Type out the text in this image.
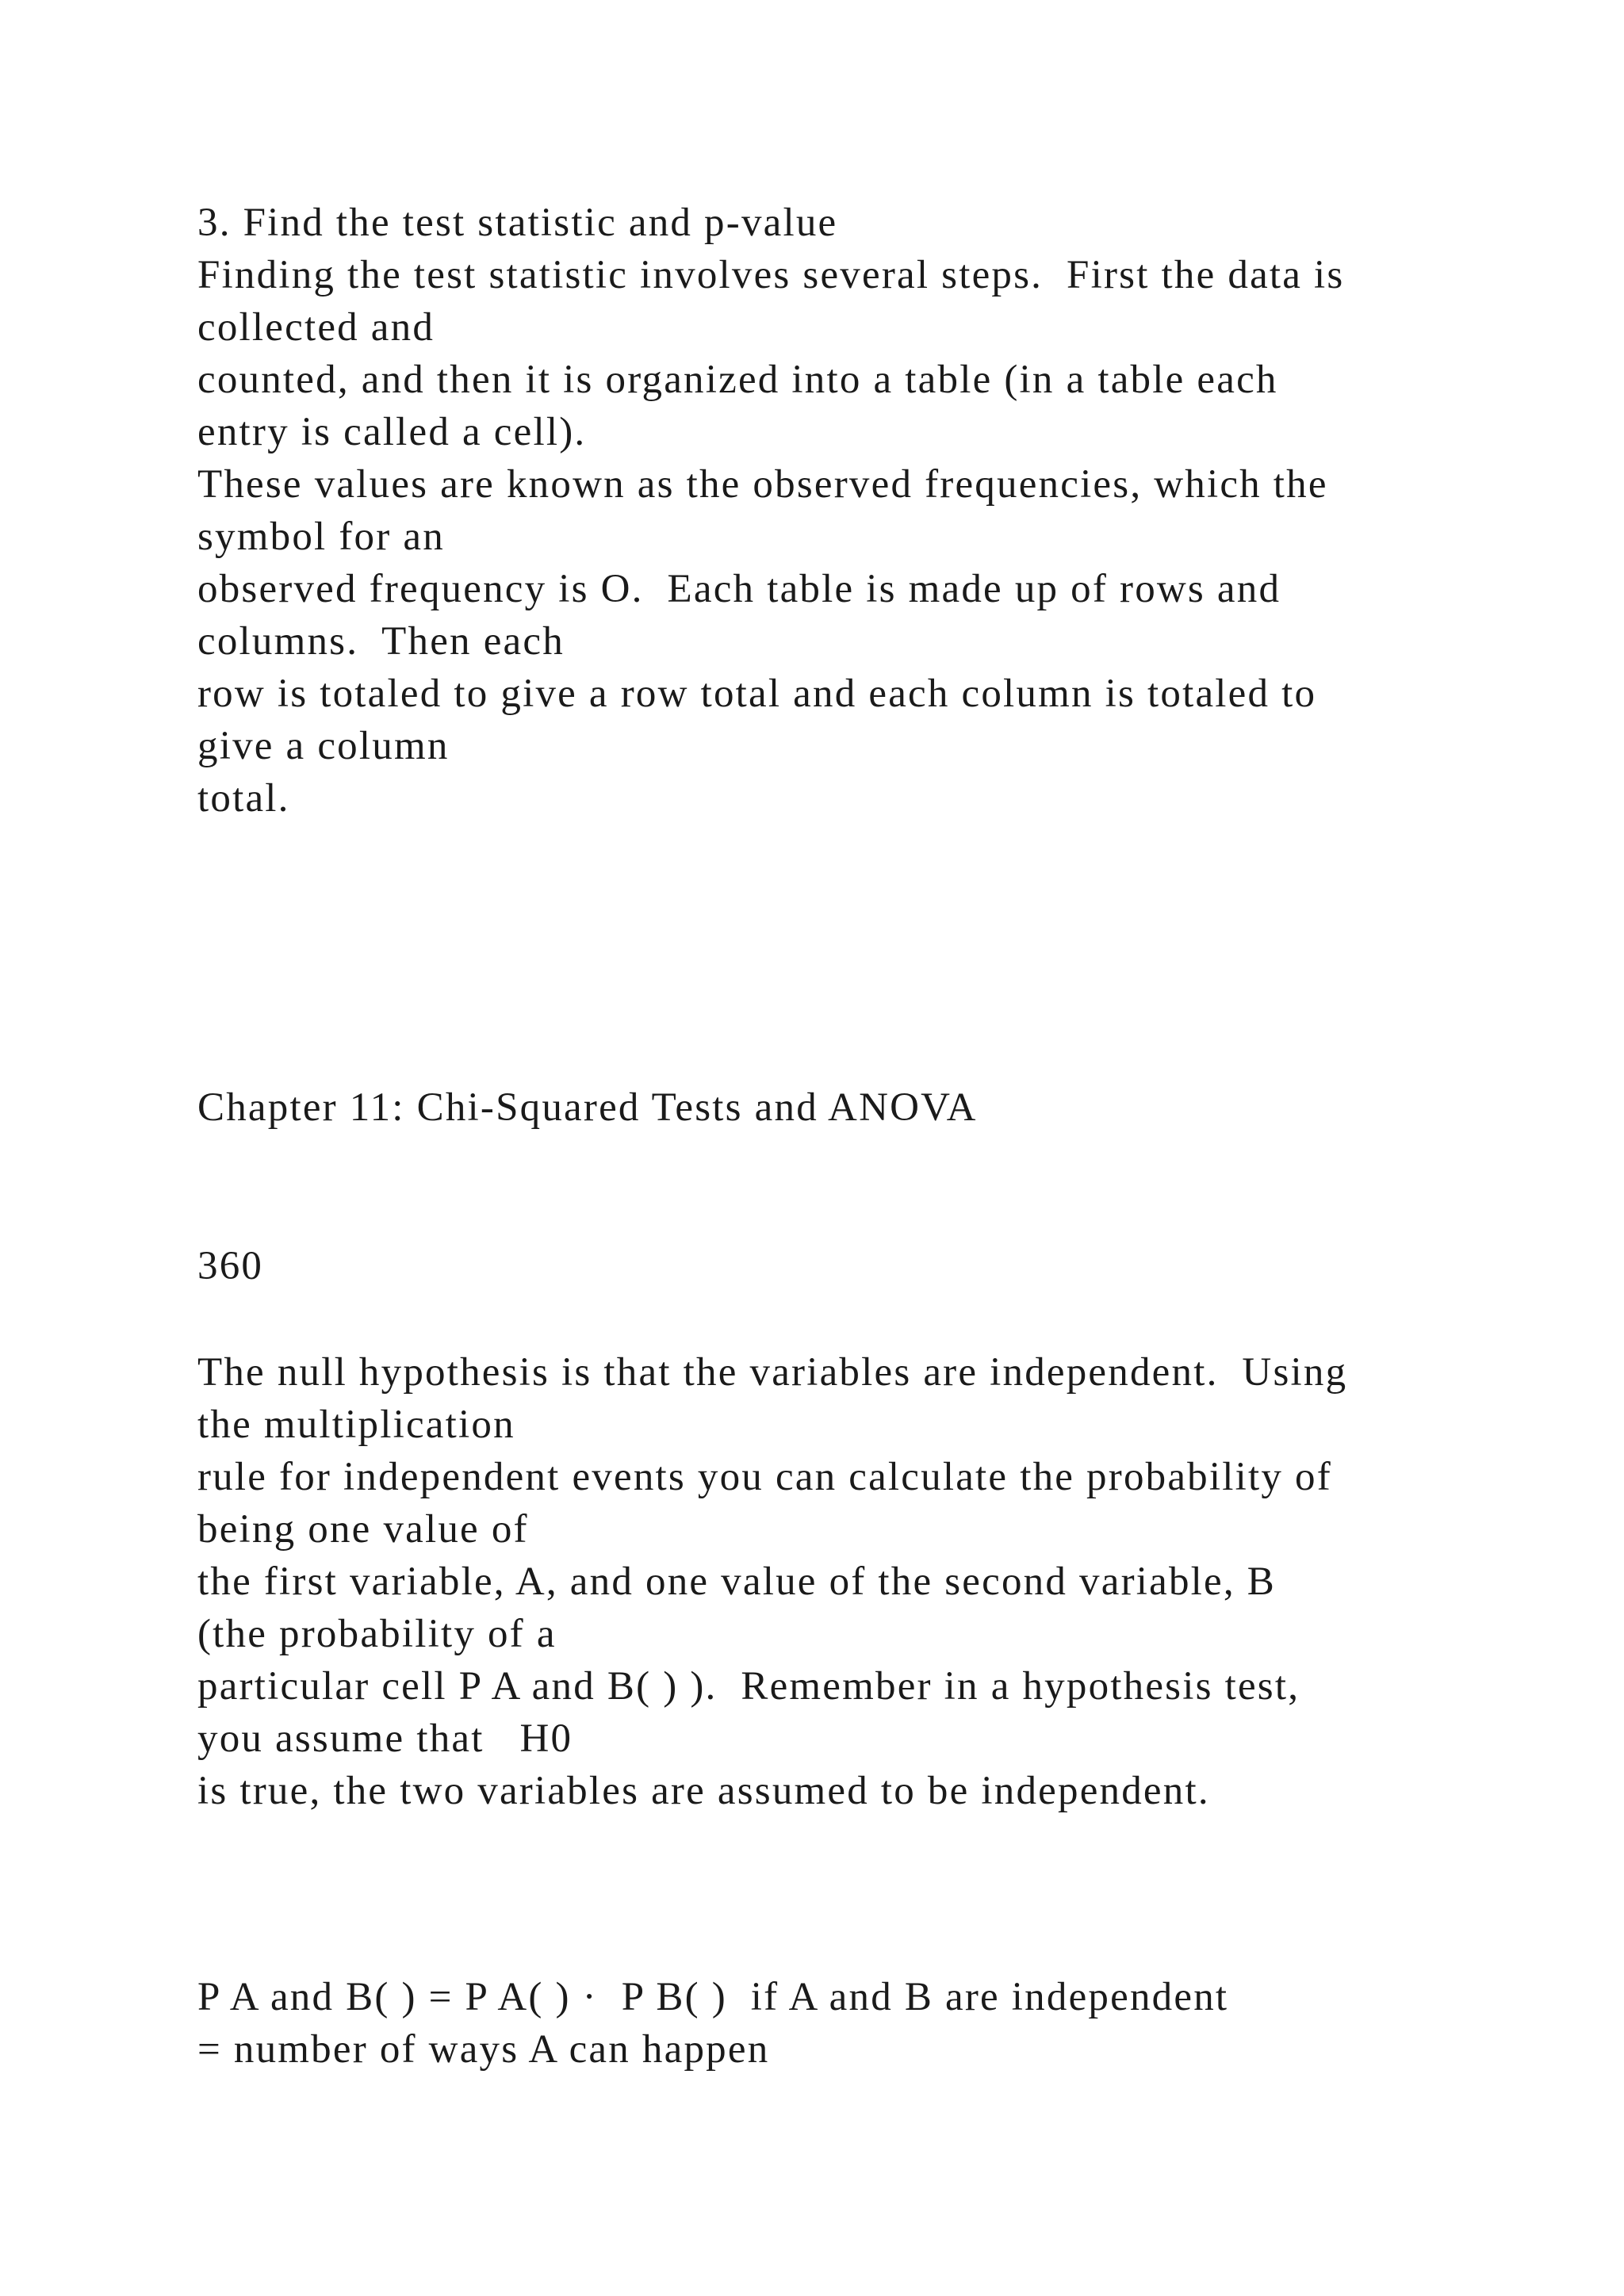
3. Find the test statistic and p-value

Finding the test statistic involves several steps.  First the data is

collected and

counted, and then it is organized into a table (in a table each

entry is called a cell).

These values are known as the observed frequencies, which the

symbol for an

observed frequency is O.  Each table is made up of rows and

columns.  Then each

row is totaled to give a row total and each column is totaled to

give a column

total.

Chapter 11: Chi-Squared Tests and ANOVA

360

The null hypothesis is that the variables are independent.  Using

the multiplication

rule for independent events you can calculate the probability of

being one value of

the first variable, A, and one value of the second variable, B

(the probability of a

particular cell P A and B( ) ).  Remember in a hypothesis test,

you assume that   H0

is true, the two variables are assumed to be independent.

P A and B( ) = P A( ) ·  P B( )  if A and B are independent

= number of ways A can happen
